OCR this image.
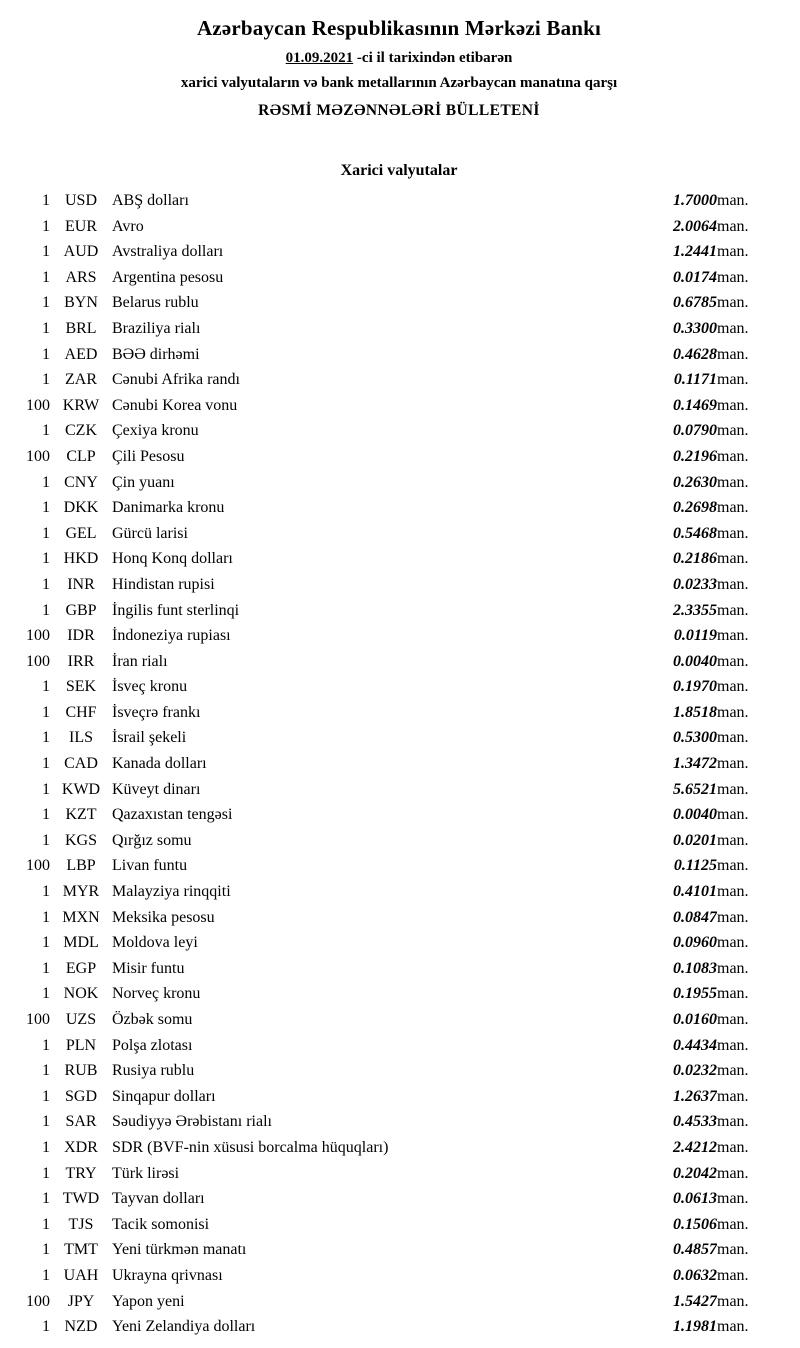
Azərbaycan Respublikasının Mərkəzi Bankı
01.09.2021 -ci il tarixindən etibarən
xarici valyutaların və bank metallarının Azərbaycan manatına qarşı
RƏSMİ MƏZƏNNƏLƏRİ BÜLLETENİ
Xarici valyutalar
1	USD	ABŞ dolları	1.7000	man.
1	EUR	Avro	2.0064	man.
1	AUD	Avstraliya dolları	1.2441	man.
1	ARS	Argentina pesosu	0.0174	man.
1	BYN	Belarus rublu	0.6785	man.
1	BRL	Braziliya rialı	0.3300	man.
1	AED	BƏƏ dirhəmi	0.4628	man.
1	ZAR	Cənubi Afrika randı	0.1171	man.
100	KRW	Cənubi Korea vonu	0.1469	man.
1	CZK	Çexiya kronu	0.0790	man.
100	CLP	Çili Pesosu	0.2196	man.
1	CNY	Çin yuanı	0.2630	man.
1	DKK	Danimarka kronu	0.2698	man.
1	GEL	Gürcü larisi	0.5468	man.
1	HKD	Honq Konq dolları	0.2186	man.
1	INR	Hindistan rupisi	0.0233	man.
1	GBP	İngilis funt sterlinqi	2.3355	man.
100	IDR	İndoneziya rupiası	0.0119	man.
100	IRR	İran rialı	0.0040	man.
1	SEK	İsveç kronu	0.1970	man.
1	CHF	İsveçrə frankı	1.8518	man.
1	ILS	İsrail şekeli	0.5300	man.
1	CAD	Kanada dolları	1.3472	man.
1	KWD	Küveyt dinarı	5.6521	man.
1	KZT	Qazaxıstan tengəsi	0.0040	man.
1	KGS	Qırğız somu	0.0201	man.
100	LBP	Livan funtu	0.1125	man.
1	MYR	Malayziya rinqqiti	0.4101	man.
1	MXN	Meksika pesosu	0.0847	man.
1	MDL	Moldova leyi	0.0960	man.
1	EGP	Misir funtu	0.1083	man.
1	NOK	Norveç kronu	0.1955	man.
100	UZS	Özbək somu	0.0160	man.
1	PLN	Polşa zlotası	0.4434	man.
1	RUB	Rusiya rublu	0.0232	man.
1	SGD	Sinqapur dolları	1.2637	man.
1	SAR	Səudiyyə Ərəbistanı rialı	0.4533	man.
1	XDR	SDR (BVF-nin xüsusi borcalma hüquqları)	2.4212	man.
1	TRY	Türk lirəsi	0.2042	man.
1	TWD	Tayvan dolları	0.0613	man.
1	TJS	Tacik somonisi	0.1506	man.
1	TMT	Yeni türkmən manatı	0.4857	man.
1	UAH	Ukrayna qrivnası	0.0632	man.
100	JPY	Yapon yeni	1.5427	man.
1	NZD	Yeni Zelandiya dolları	1.1981	man.
